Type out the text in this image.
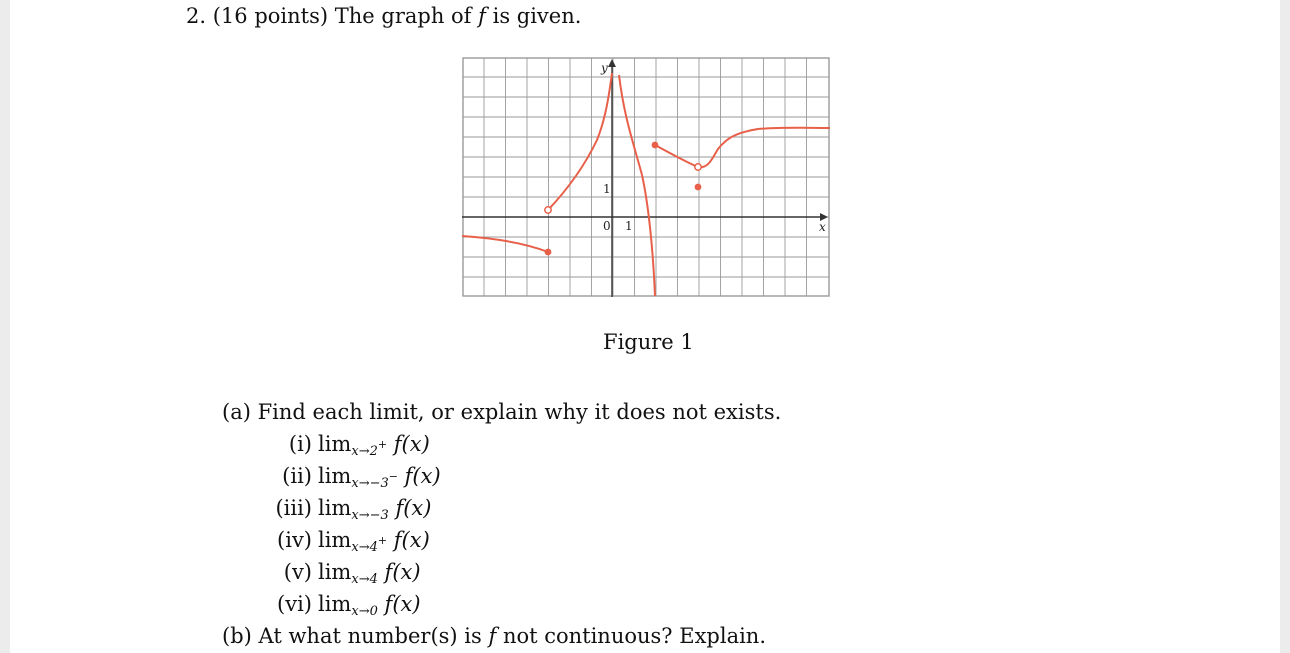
2. (16 points) The graph of f is given.
y
x
0 1
1
Figure 1
(a) Find each limit, or explain why it does not exists.
(i) $\lim_{x\to 2^+} f(x)$
(ii) $\lim_{x\to-3^-} f(x)$
(iii) $\lim_{x\to-3} f(x)$
(iv) $\lim_{x\to 4^+} f(x)$
(v) $\lim_{x\to 4} f(x)$
(vi) $\lim_{x\to 0} f(x)$
(b) At what number(s) is f not continuous? Explain.
